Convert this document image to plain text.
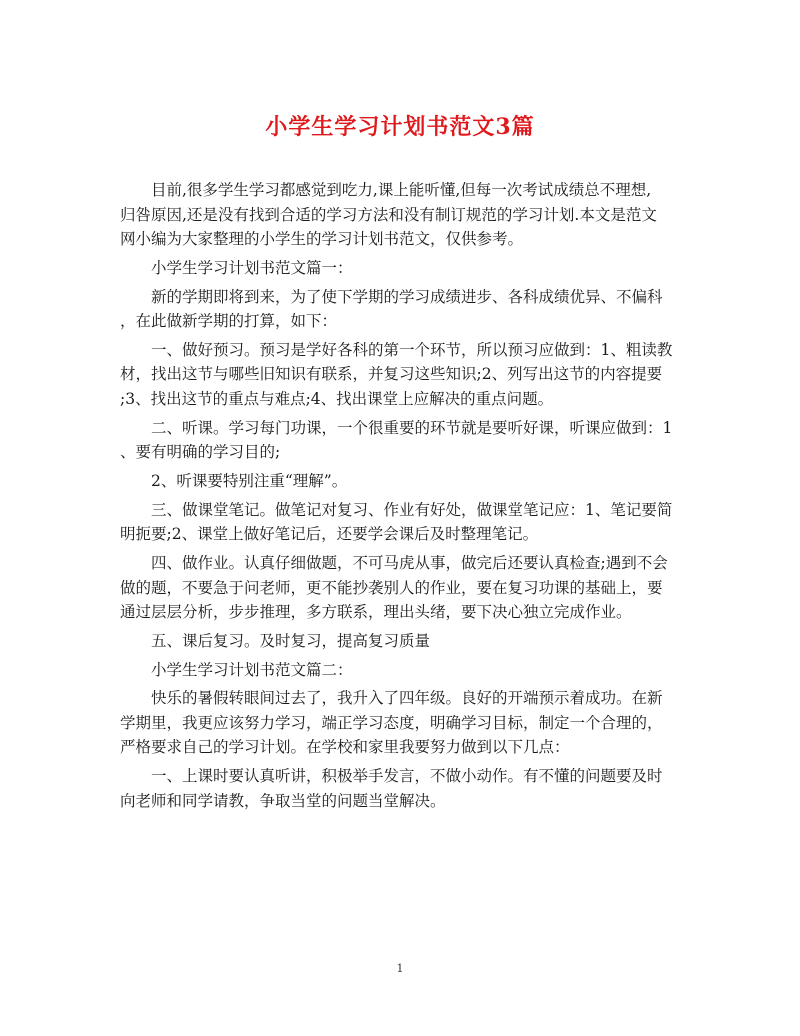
小学生学习计划书范文3篇
目前,很多学生学习都感觉到吃力,课上能听懂,但每一次考试成绩总不理想,
归咎原因,还是没有找到合适的学习方法和没有制订规范的学习计划.本文是范文
网小编为大家整理的小学生的学习计划书范文，仅供参考。
小学生学习计划书范文篇一：
新的学期即将到来，为了使下学期的学习成绩进步、各科成绩优异、不偏科
，在此做新学期的打算，如下：
一、做好预习。预习是学好各科的第一个环节，所以预习应做到：1、粗读教
材，找出这节与哪些旧知识有联系，并复习这些知识;2、列写出这节的内容提要
;3、找出这节的重点与难点;4、找出课堂上应解决的重点问题。
二、听课。学习每门功课，一个很重要的环节就是要听好课，听课应做到：1
、要有明确的学习目的;
2、听课要特别注重“理解”。
三、做课堂笔记。做笔记对复习、作业有好处，做课堂笔记应：1、笔记要简
明扼要;2、课堂上做好笔记后，还要学会课后及时整理笔记。
四、做作业。认真仔细做题，不可马虎从事，做完后还要认真检查;遇到不会
做的题，不要急于问老师，更不能抄袭别人的作业，要在复习功课的基础上，要
通过层层分析，步步推理，多方联系，理出头绪，要下决心独立完成作业。
五、课后复习。及时复习，提高复习质量
小学生学习计划书范文篇二：
快乐的暑假转眼间过去了，我升入了四年级。良好的开端预示着成功。在新
学期里，我更应该努力学习，端正学习态度，明确学习目标，制定一个合理的，
严格要求自己的学习计划。在学校和家里我要努力做到以下几点：
一、上课时要认真听讲，积极举手发言，不做小动作。有不懂的问题要及时
向老师和同学请教，争取当堂的问题当堂解决。
1
